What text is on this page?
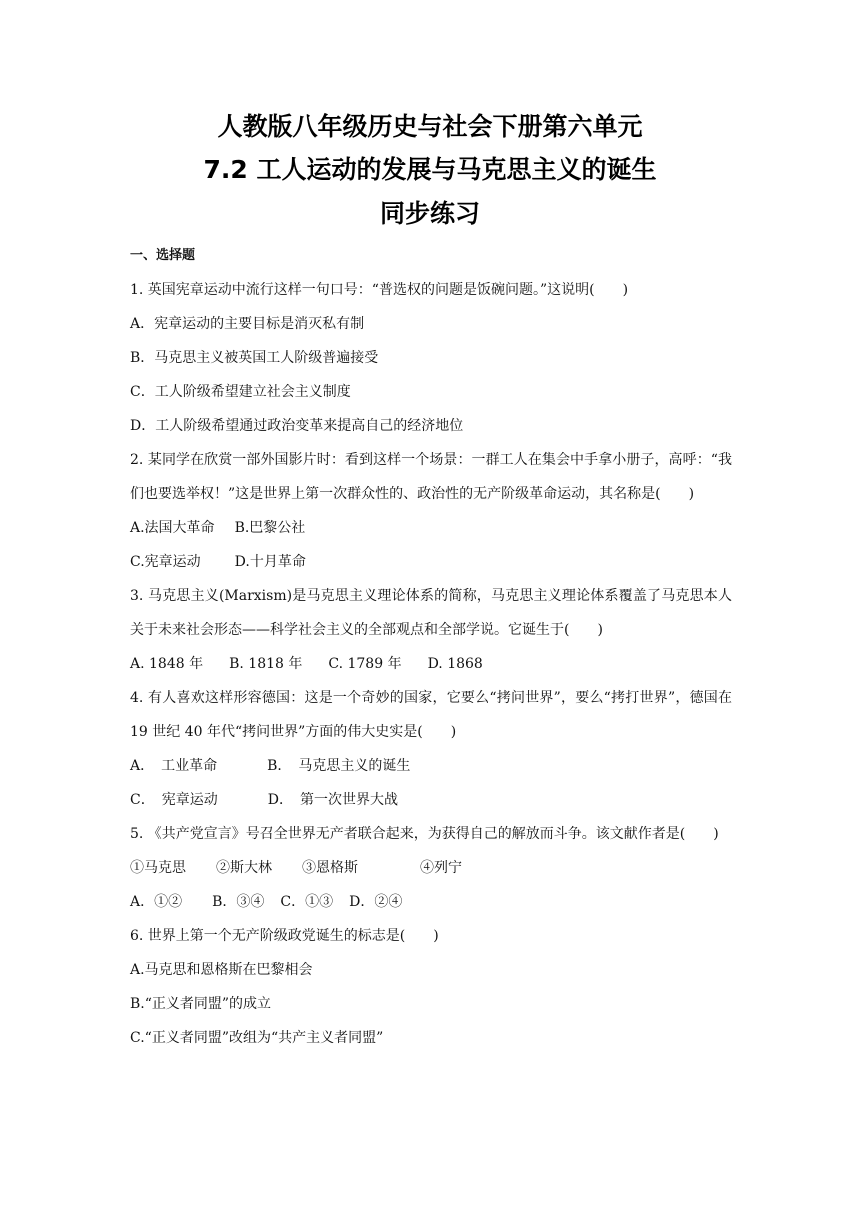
人教版八年级历史与社会下册第六单元
7.2 工人运动的发展与马克思主义的诞生
同步练习
一、选择题
1. 英国宪章运动中流行这样一句口号：“普选权的问题是饭碗问题。”这说明(　　)
A．宪章运动的主要目标是消灭私有制
B．马克思主义被英国工人阶级普遍接受
C．工人阶级希望建立社会主义制度
D．工人阶级希望通过政治变革来提高自己的经济地位
2. 某同学在欣赏一部外国影片时：看到这样一个场景：一群工人在集会中手拿小册子，高呼：“我们也要选举权！”这是世界上第一次群众性的、政治性的无产阶级革命运动，其名称是(　　)
A.法国大革命 B.巴黎公社
C.宪章运动 D.十月革命
3. 马克思主义(Marxism)是马克思主义理论体系的简称，马克思主义理论体系覆盖了马克思本人关于未来社会形态——科学社会主义的全部观点和全部学说。它诞生于(　　)
A. 1848 年 B. 1818 年 C. 1789 年 D. 1868
4. 有人喜欢这样形容德国：这是一个奇妙的国家，它要么“拷问世界”，要么“拷打世界”，德国在 19 世纪 40 年代“拷问世界”方面的伟大史实是(　　)
A．　工业革命	B．　马克思主义的诞生
C．　宪章运动	D．　第一次世界大战
5. 《共产党宣言》号召全世界无产者联合起来，为获得自己的解放而斗争。该文献作者是(　　)
①马克思 ②斯大林 ③恩格斯	④列宁
A．①② B．③④ C．①③ D．②④
6. 世界上第一个无产阶级政党诞生的标志是(　　)
A.马克思和恩格斯在巴黎相会
B.“正义者同盟”的成立
C.“正义者同盟”改组为“共产主义者同盟”
